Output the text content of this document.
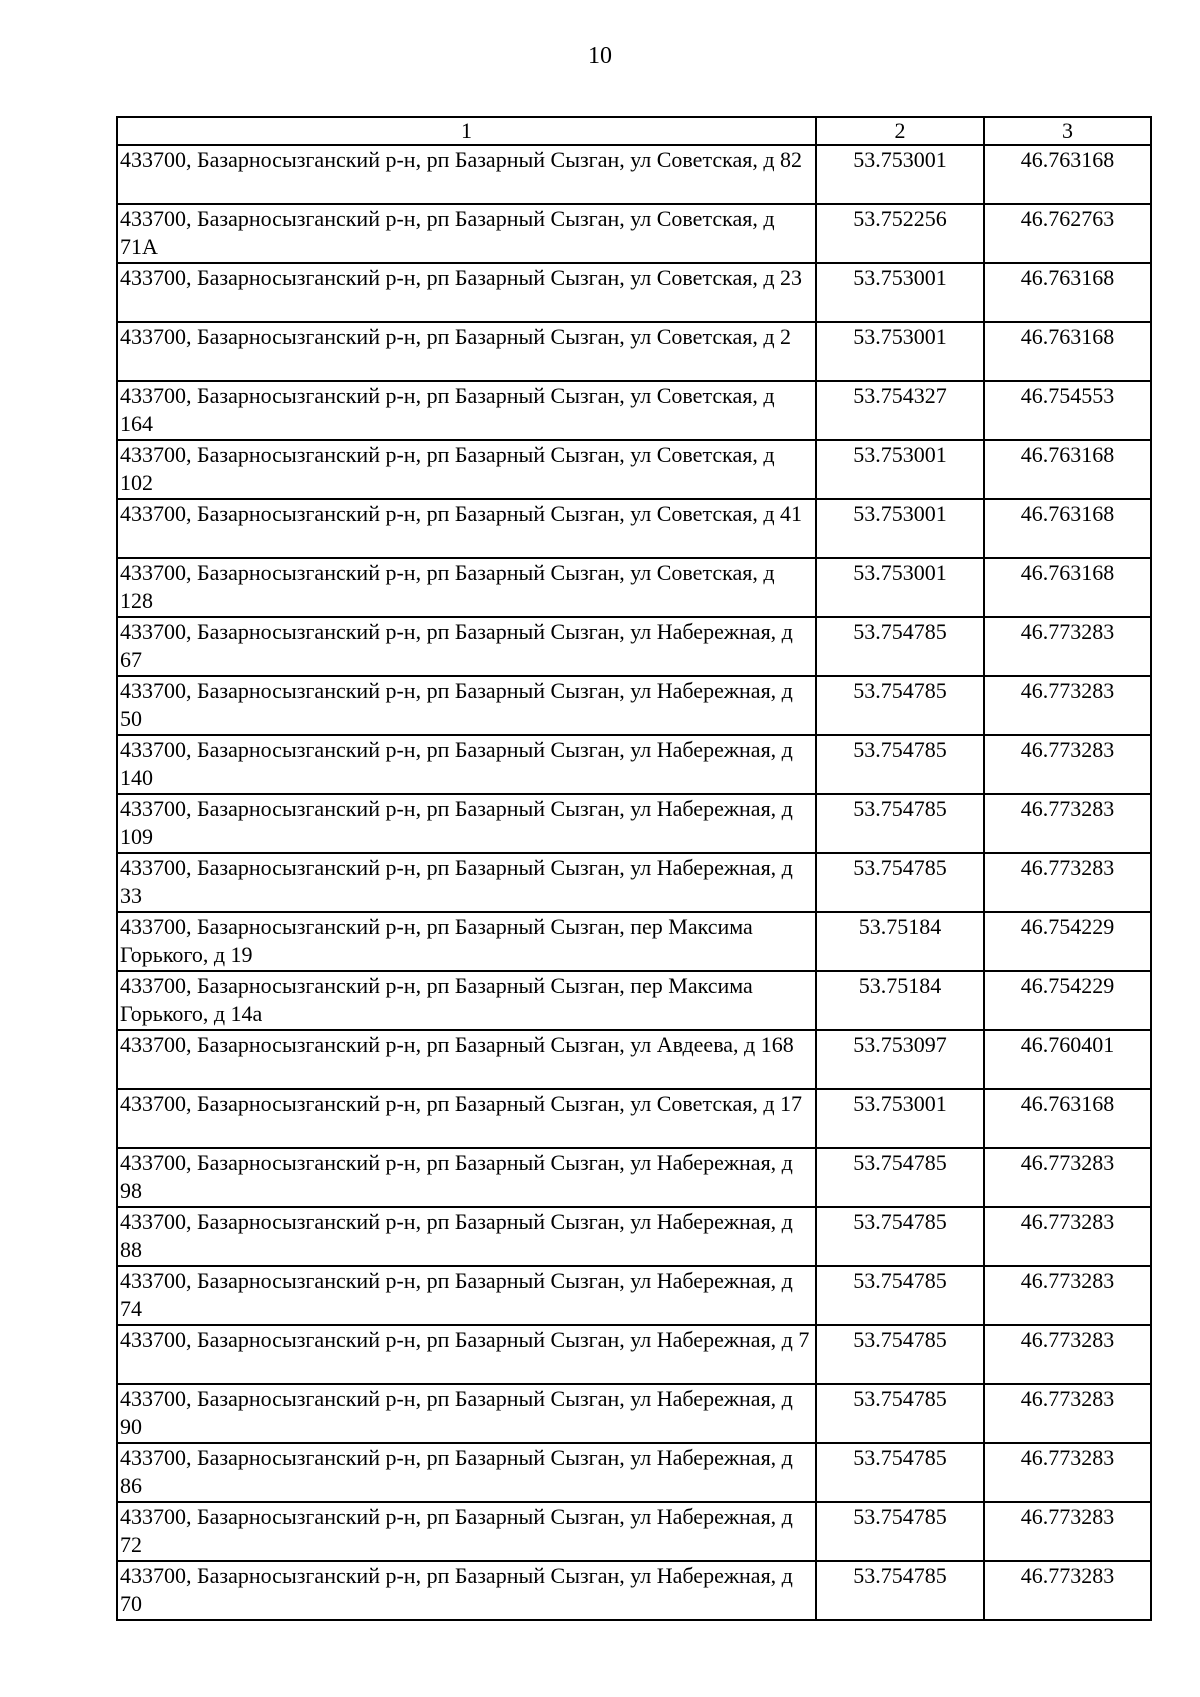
10
1	2	3
433700, Базарносызганский р-н, рп Базарный Сызган, ул Советская, д 82	53.753001	46.763168
433700, Базарносызганский р-н, рп Базарный Сызган, ул Советская, д 71А	53.752256	46.762763
433700, Базарносызганский р-н, рп Базарный Сызган, ул Советская, д 23	53.753001	46.763168
433700, Базарносызганский р-н, рп Базарный Сызган, ул Советская, д 2	53.753001	46.763168
433700, Базарносызганский р-н, рп Базарный Сызган, ул Советская, д 164	53.754327	46.754553
433700, Базарносызганский р-н, рп Базарный Сызган, ул Советская, д 102	53.753001	46.763168
433700, Базарносызганский р-н, рп Базарный Сызган, ул Советская, д 41	53.753001	46.763168
433700, Базарносызганский р-н, рп Базарный Сызган, ул Советская, д 128	53.753001	46.763168
433700, Базарносызганский р-н, рп Базарный Сызган, ул Набережная, д 67	53.754785	46.773283
433700, Базарносызганский р-н, рп Базарный Сызган, ул Набережная, д 50	53.754785	46.773283
433700, Базарносызганский р-н, рп Базарный Сызган, ул Набережная, д 140	53.754785	46.773283
433700, Базарносызганский р-н, рп Базарный Сызган, ул Набережная, д 109	53.754785	46.773283
433700, Базарносызганский р-н, рп Базарный Сызган, ул Набережная, д 33	53.754785	46.773283
433700, Базарносызганский р-н, рп Базарный Сызган, пер Максима Горького, д 19	53.75184	46.754229
433700, Базарносызганский р-н, рп Базарный Сызган, пер Максима Горького, д 14а	53.75184	46.754229
433700, Базарносызганский р-н, рп Базарный Сызган, ул Авдеева, д 168	53.753097	46.760401
433700, Базарносызганский р-н, рп Базарный Сызган, ул Советская, д 17	53.753001	46.763168
433700, Базарносызганский р-н, рп Базарный Сызган, ул Набережная, д 98	53.754785	46.773283
433700, Базарносызганский р-н, рп Базарный Сызган, ул Набережная, д 88	53.754785	46.773283
433700, Базарносызганский р-н, рп Базарный Сызган, ул Набережная, д 74	53.754785	46.773283
433700, Базарносызганский р-н, рп Базарный Сызган, ул Набережная, д 7	53.754785	46.773283
433700, Базарносызганский р-н, рп Базарный Сызган, ул Набережная, д 90	53.754785	46.773283
433700, Базарносызганский р-н, рп Базарный Сызган, ул Набережная, д 86	53.754785	46.773283
433700, Базарносызганский р-н, рп Базарный Сызган, ул Набережная, д 72	53.754785	46.773283
433700, Базарносызганский р-н, рп Базарный Сызган, ул Набережная, д 70	53.754785	46.773283
